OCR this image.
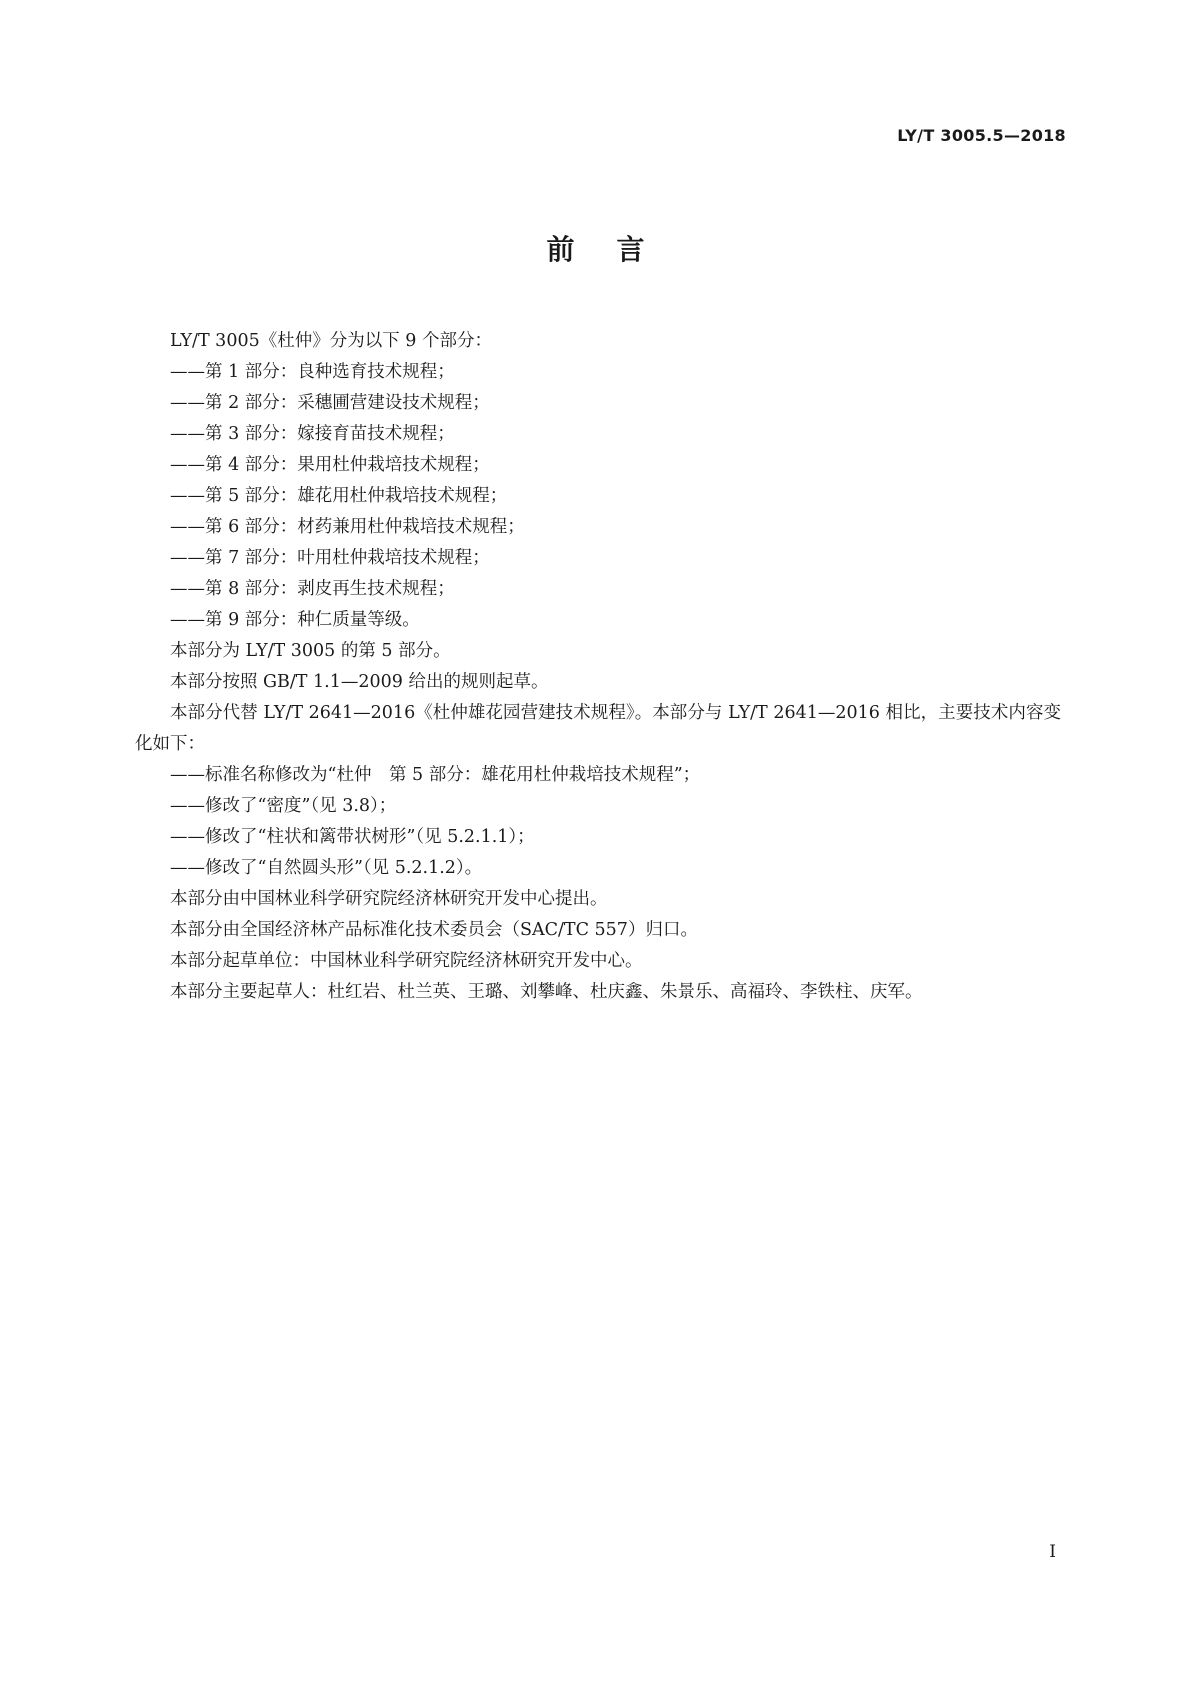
LY/T 3005.5—2018
前言
LY/T 3005《杜仲》分为以下 9 个部分：
——第 1 部分：良种选育技术规程；
——第 2 部分：采穗圃营建设技术规程；
——第 3 部分：嫁接育苗技术规程；
——第 4 部分：果用杜仲栽培技术规程；
——第 5 部分：雄花用杜仲栽培技术规程；
——第 6 部分：材药兼用杜仲栽培技术规程；
——第 7 部分：叶用杜仲栽培技术规程；
——第 8 部分：剥皮再生技术规程；
——第 9 部分：种仁质量等级。
本部分为 LY/T 3005 的第 5 部分。
本部分按照 GB/T 1.1—2009 给出的规则起草。
本部分代替 LY/T 2641—2016《杜仲雄花园营建技术规程》。本部分与 LY/T 2641—2016 相比，主要技术内容变化如下：
——标准名称修改为“杜仲　第 5 部分：雄花用杜仲栽培技术规程”；
——修改了“密度”（见 3.8）；
——修改了“柱状和篱带状树形”（见 5.2.1.1）；
——修改了“自然圆头形”（见 5.2.1.2）。
本部分由中国林业科学研究院经济林研究开发中心提出。
本部分由全国经济林产品标准化技术委员会（SAC/TC 557）归口。
本部分起草单位：中国林业科学研究院经济林研究开发中心。
本部分主要起草人：杜红岩、杜兰英、王璐、刘攀峰、杜庆鑫、朱景乐、高福玲、李铁柱、庆军。
I
